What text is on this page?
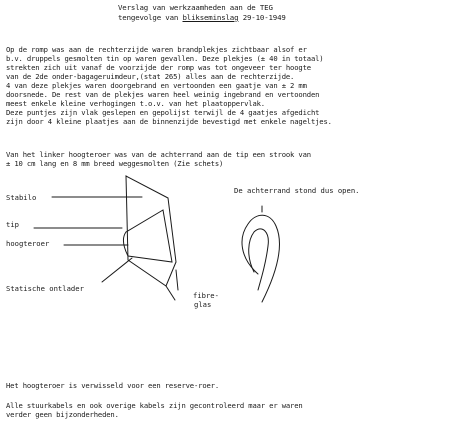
Verslag van werkzaamheden aan de TEG
tengevolge van blikseminslag 29-10-1949
Op de romp was aan de rechterzijde waren brandplekjes zichtbaar alsof er
b.v. druppels gesmolten tin op waren gevallen. Deze plekjes (± 40 in totaal)
strekten zich uit vanaf de voorzijde der romp was tot ongeveer ter hoogte
van de 2de onder-bagageruimdeur,(stat 265) alles aan de rechterzijde.
4 van deze plekjes waren doorgebrand en vertoonden een gaatje van ± 2 mm
doorsnede. De rest van de plekjes waren heel weinig ingebrand en vertoonden
meest enkele kleine verhogingen t.o.v. van het plaatoppervlak.
Deze puntjes zijn vlak geslepen en gepolijst terwijl de 4 gaatjes afgedicht
zijn door 4 kleine plaatjes aan de binnenzijde bevestigd met enkele nageltjes.
Van het linker hoogteroer was van de achterrand aan de tip een strook van
± 10 cm lang en 8 mm breed weggesmolten (Zie schets)
Stabilo
tip
hoogteroer
Statische ontlader
fibre-
glas
De achterrand stond dus open.
Het hoogteroer is verwisseld voor een reserve-roer.
Alle stuurkabels en ook overige kabels zijn gecontroleerd maar er waren
verder geen bijzonderheden.
